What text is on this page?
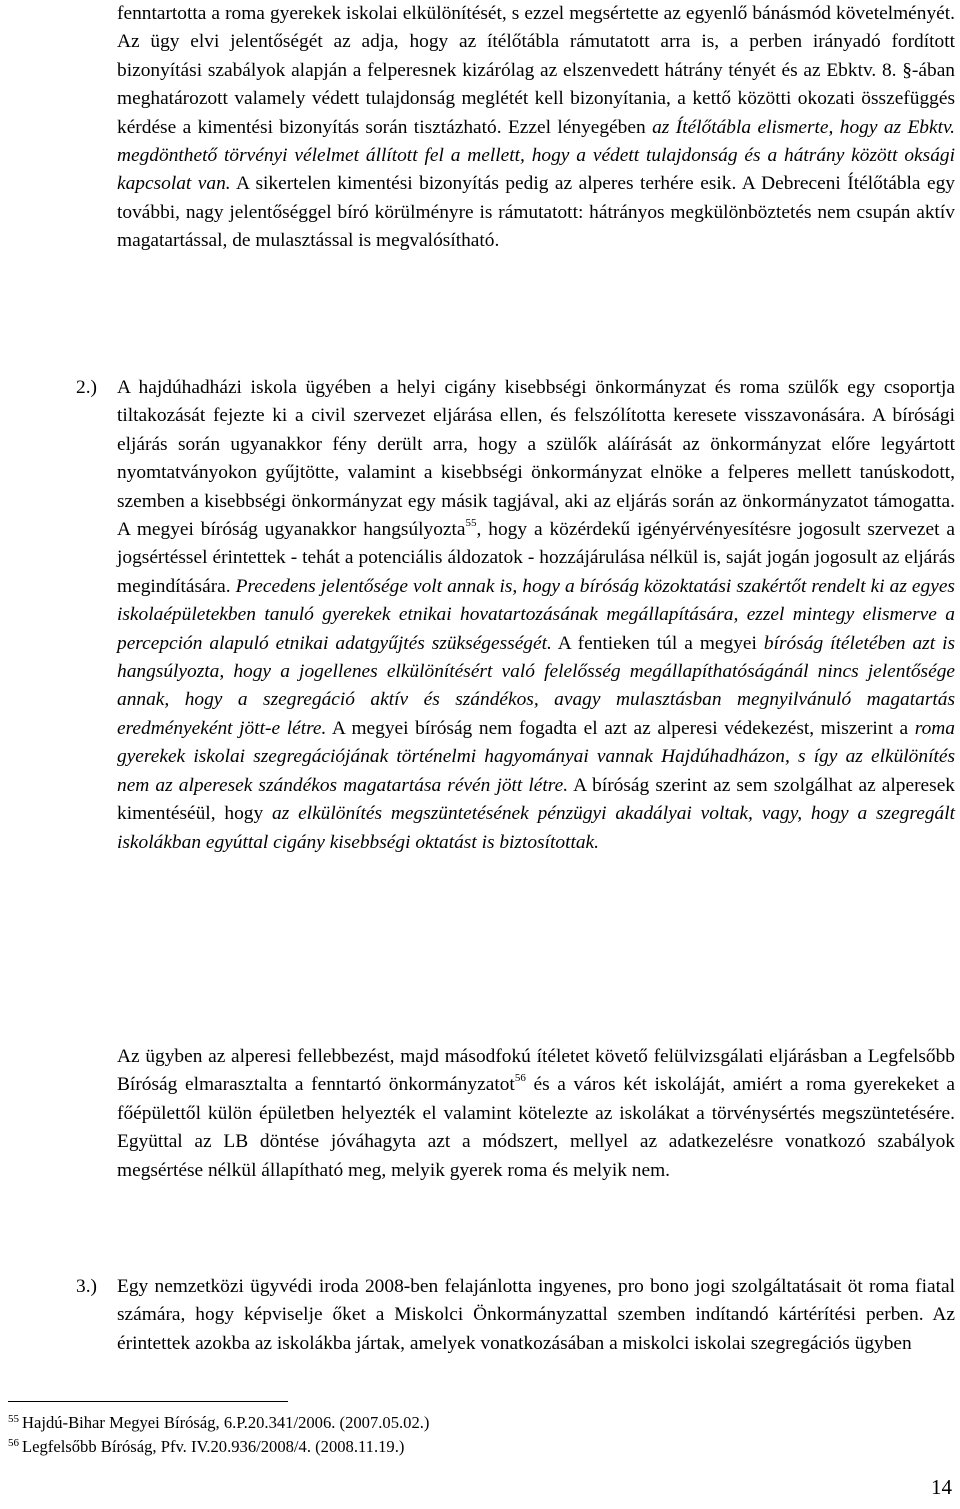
fenntartotta a roma gyerekek iskolai elkülönítését, s ezzel megsértette az egyenlő bánásmód követelményét. Az ügy elvi jelentőségét az adja, hogy az ítélőtábla rámutatott arra is, a perben irányadó fordított bizonyítási szabályok alapján a felperesnek kizárólag az elszenvedett hátrány tényét és az Ebktv. 8. §-ában meghatározott valamely védett tulajdonság meglétét kell bizonyítania, a kettő közötti okozati összefüggés kérdése a kimentési bizonyítás során tisztázható. Ezzel lényegében az Ítélőtábla elismerte, hogy az Ebktv. megdönthető törvényi vélelmet állított fel a mellett, hogy a védett tulajdonság és a hátrány között oksági kapcsolat van. A sikertelen kimentési bizonyítás pedig az alperes terhére esik. A Debreceni Ítélőtábla egy további, nagy jelentőséggel bíró körülményre is rámutatott: hátrányos megkülönböztetés nem csupán aktív magatartással, de mulasztással is megvalósítható.

2.) A hajdúhadházi iskola ügyében a helyi cigány kisebbségi önkormányzat és roma szülők egy csoportja tiltakozását fejezte ki a civil szervezet eljárása ellen, és felszólította keresete visszavonására. A bírósági eljárás során ugyanakkor fény derült arra, hogy a szülők aláírását az önkormányzat előre legyártott nyomtatványokon gyűjtötte, valamint a kisebbségi önkormányzat elnöke a felperes mellett tanúskodott, szemben a kisebbségi önkormányzat egy másik tagjával, aki az eljárás során az önkormányzatot támogatta. A megyei bíróság ugyanakkor hangsúlyozta$^{55}$, hogy a közérdekű igényérvényesítésre jogosult szervezet a jogsértéssel érintettek - tehát a potenciális áldozatok - hozzájárulása nélkül is, saját jogán jogosult az eljárás megindítására. Precedens jelentősége volt annak is, hogy a bíróság közoktatási szakértőt rendelt ki az egyes iskolaépületekben tanuló gyerekek etnikai hovatartozásának megállapítására, ezzel mintegy elismerve a percepción alapuló etnikai adatgyűjtés szükségességét. A fentieken túl a megyei bíróság ítéletében azt is hangsúlyozta, hogy a jogellenes elkülönítésért való felelősség megállapíthatóságánál nincs jelentősége annak, hogy a szegregáció aktív és szándékos, avagy mulasztásban megnyilvánuló magatartás eredményeként jött-e létre. A megyei bíróság nem fogadta el azt az alperesi védekezést, miszerint a roma gyerekek iskolai szegregációjának történelmi hagyományai vannak Hajdúhadházon, s így az elkülönítés nem az alperesek szándékos magatartása révén jött létre. A bíróság szerint az sem szolgálhat az alperesek kimentéséül, hogy az elkülönítés megszüntetésének pénzügyi akadályai voltak, vagy, hogy a szegregált iskolákban egyúttal cigány kisebbségi oktatást is biztosítottak.

Az ügyben az alperesi fellebbezést, majd másodfokú ítéletet követő felülvizsgálati eljárásban a Legfelsőbb Bíróság elmarasztalta a fenntartó önkormányzatot$^{56}$ és a város két iskoláját, amiért a roma gyerekeket a főépülettől külön épületben helyezték el valamint kötelezte az iskolákat a törvénysértés megszüntetésére. Együttal az LB döntése jóváhagyta azt a módszert, mellyel az adatkezelésre vonatkozó szabályok megsértése nélkül állapítható meg, melyik gyerek roma és melyik nem.

3.) Egy nemzetközi ügyvédi iroda 2008-ben felajánlotta ingyenes, pro bono jogi szolgáltatásait öt roma fiatal számára, hogy képviselje őket a Miskolci Önkormányzattal szemben indítandó kártérítési perben. Az érintettek azokba az iskolákba jártak, amelyek vonatkozásában a miskolci iskolai szegregációs ügyben

$^{55}$ Hajdú-Bihar Megyei Bíróság, 6.P.20.341/2006. (2007.05.02.)
$^{56}$ Legfelsőbb Bíróság, Pfv. IV.20.936/2008/4. (2008.11.19.)
14
